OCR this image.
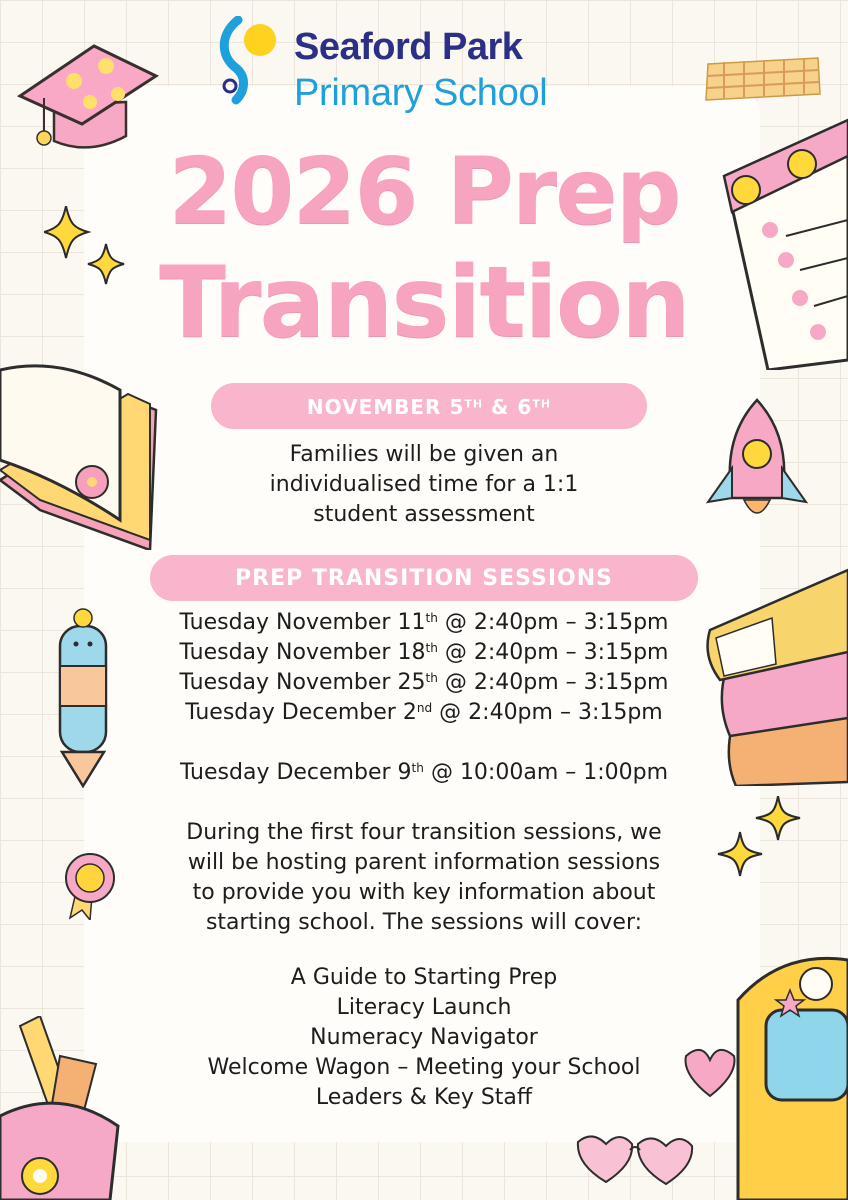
Seaford Park
Primary School
2026 Prep
Transition
NOVEMBER 5TH & 6TH
Families will be given an
individualised time for a 1:1
student assessment
PREP TRANSITION SESSIONS
Tuesday November 11th @ 2:40pm – 3:15pm
Tuesday November 18th @ 2:40pm – 3:15pm
Tuesday November 25th @ 2:40pm – 3:15pm
Tuesday December 2nd @ 2:40pm – 3:15pm
Tuesday December 9th @ 10:00am – 1:00pm
During the first four transition sessions, we
will be hosting parent information sessions
to provide you with key information about
starting school. The sessions will cover:
A Guide to Starting Prep
Literacy Launch
Numeracy Navigator
Welcome Wagon – Meeting your School
Leaders & Key Staff
